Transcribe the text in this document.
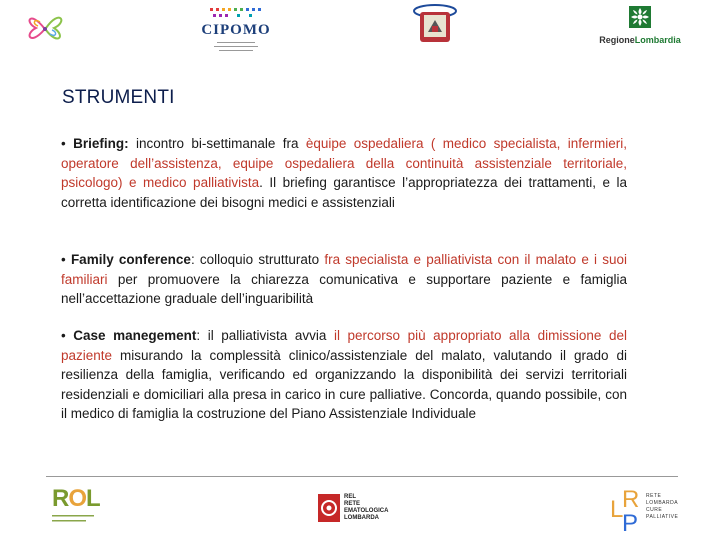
CIPOMO
RegioneLombardia
STRUMENTI
• Briefing: incontro bi-settimanale fra èquipe ospedaliera ( medico specialista, infermieri, operatore dell’assistenza, equipe ospedaliera della continuità assistenziale territoriale, psicologo) e medico palliativista. Il briefing garantisce l’appropriatezza dei trattamenti, e la corretta identificazione dei bisogni medici e assistenziali
• Family conference: colloquio strutturato fra specialista e palliativista con il malato e i suoi familiari per promuovere la chiarezza comunicativa e supportare paziente e famiglia nell’accettazione graduale dell’inguaribilità
• Case manegement: il palliativista avvia il percorso più appropriato alla dimissione del paziente misurando la complessità clinico/assistenziale del malato, valutando il grado di resilienza della famiglia, verificando ed organizzando la disponibilità dei servizi territoriali residenziali e domiciliari alla presa in carico in cure palliative. Concorda, quando possibile, con il medico di famiglia la costruzione del Piano Assistenziale Individuale
ROL	REL
RETE
EMATOLOGICA
LOMBARDA	L
R
P
RETE
LOMBARDA
CURE
PALLIATIVE
